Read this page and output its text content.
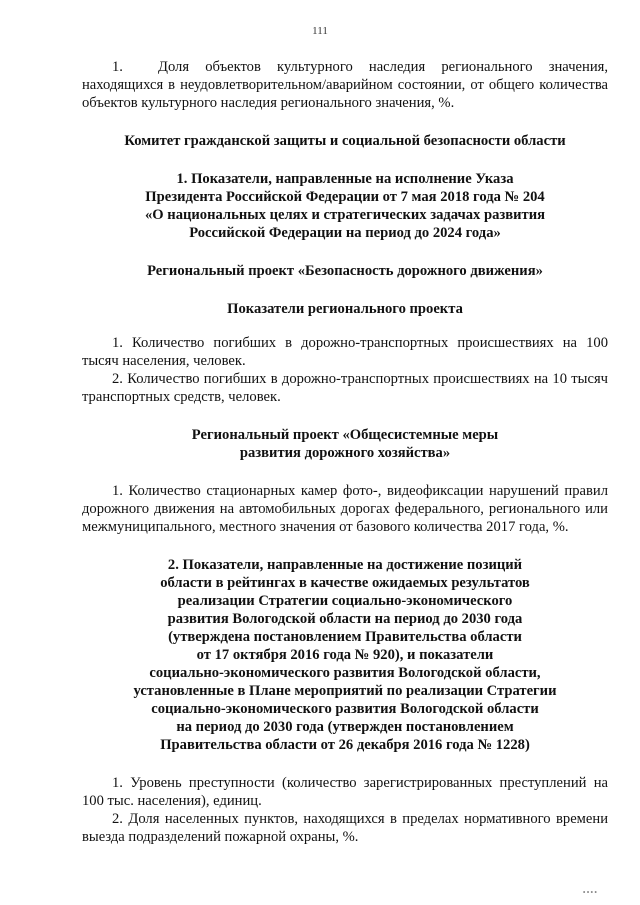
111

1. Доля объектов культурного наследия регионального значения, находящихся в неудовлетворительном/аварийном состоянии, от общего количества объектов культурного наследия регионального значения, %.

Комитет гражданской защиты и социальной безопасности области
1. Показатели, направленные на исполнение Указа
Президента Российской Федерации от 7 мая 2018 года № 204
«О национальных целях и стратегических задачах развития
Российской Федерации на период до 2024 года»
Региональный проект «Безопасность дорожного движения»
Показатели регионального проекта

1. Количество погибших в дорожно-транспортных происшествиях на 100 тысяч населения, человек.

2. Количество погибших в дорожно-транспортных происшествиях на 10 тысяч транспортных средств, человек.

Региональный проект «Общесистемные меры
развития дорожного хозяйства»

1. Количество стационарных камер фото-, видеофиксации нарушений правил дорожного движения на автомобильных дорогах федерального, регионального или межмуниципального, местного значения от базового количества 2017 года, %.

2. Показатели, направленные на достижение позиций
области в рейтингах в качестве ожидаемых результатов
реализации Стратегии социально-экономического
развития Вологодской области на период до 2030 года
(утверждена постановлением Правительства области
от 17 октября 2016 года № 920), и показатели
социально-экономического развития Вологодской области,
установленные в Плане мероприятий по реализации Стратегии
социально-экономического развития Вологодской области
на период до 2030 года (утвержден постановлением
Правительства области от 26 декабря 2016 года № 1228)

1. Уровень преступности (количество зарегистрированных преступлений на 100 тыс. населения), единиц.

2. Доля населенных пунктов, находящихся в пределах нормативного времени выезда подразделений пожарной охраны, %.

••••
